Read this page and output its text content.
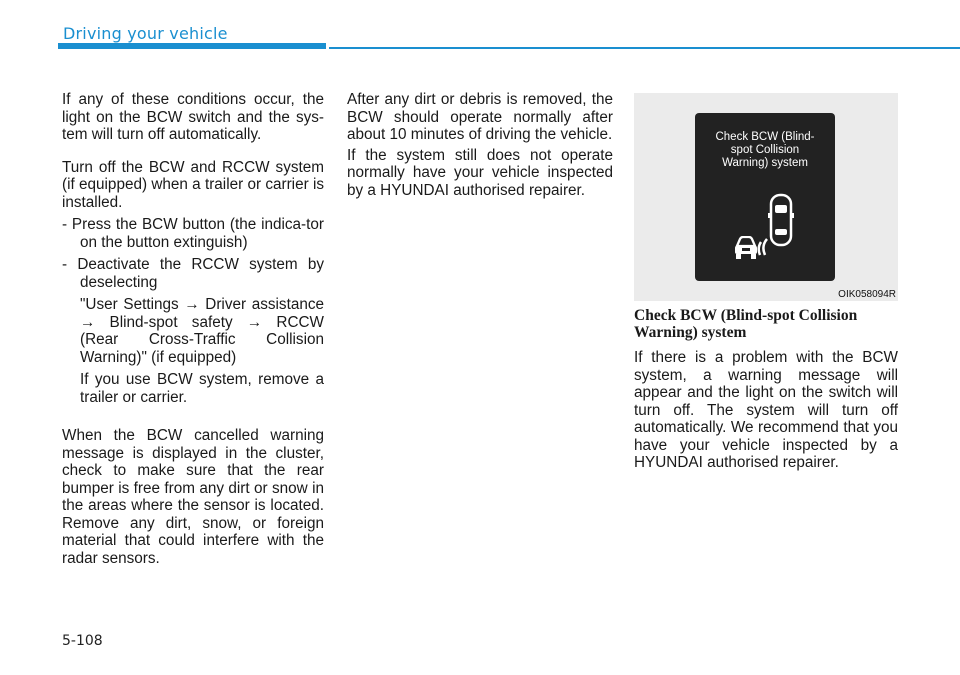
Driving your vehicle

If any of these conditions occur, the light on the BCW switch and the sys-tem will turn off automatically.

Turn off the BCW and RCCW system (if equipped) when a trailer or carrier is installed.

- Press the BCW button (the indica-tor on the button extinguish)

- Deactivate the RCCW system by deselecting

"User Settings → Driver assistance → Blind-spot safety → RCCW (Rear Cross-Traffic Collision Warning)" (if equipped)

If you use BCW system, remove a trailer or carrier.

When the BCW cancelled warning message is displayed in the cluster, check to make sure that the rear bumper is free from any dirt or snow in the areas where the sensor is located. Remove any dirt, snow, or foreign material that could interfere with the radar sensors.

After any dirt or debris is removed, the BCW should operate normally after about 10 minutes of driving the vehicle.

If the system still does not operate normally have your vehicle inspected by a HYUNDAI authorised repairer.

Check BCW (Blind-
spot Collision
Warning) system
OIK058094R

Check BCW (Blind-spot Collision Warning) system

If there is a problem with the BCW system, a warning message will appear and the light on the switch will turn off. The system will turn off automatically. We recommend that you have your vehicle inspected by a HYUNDAI authorised repairer.

5-108
